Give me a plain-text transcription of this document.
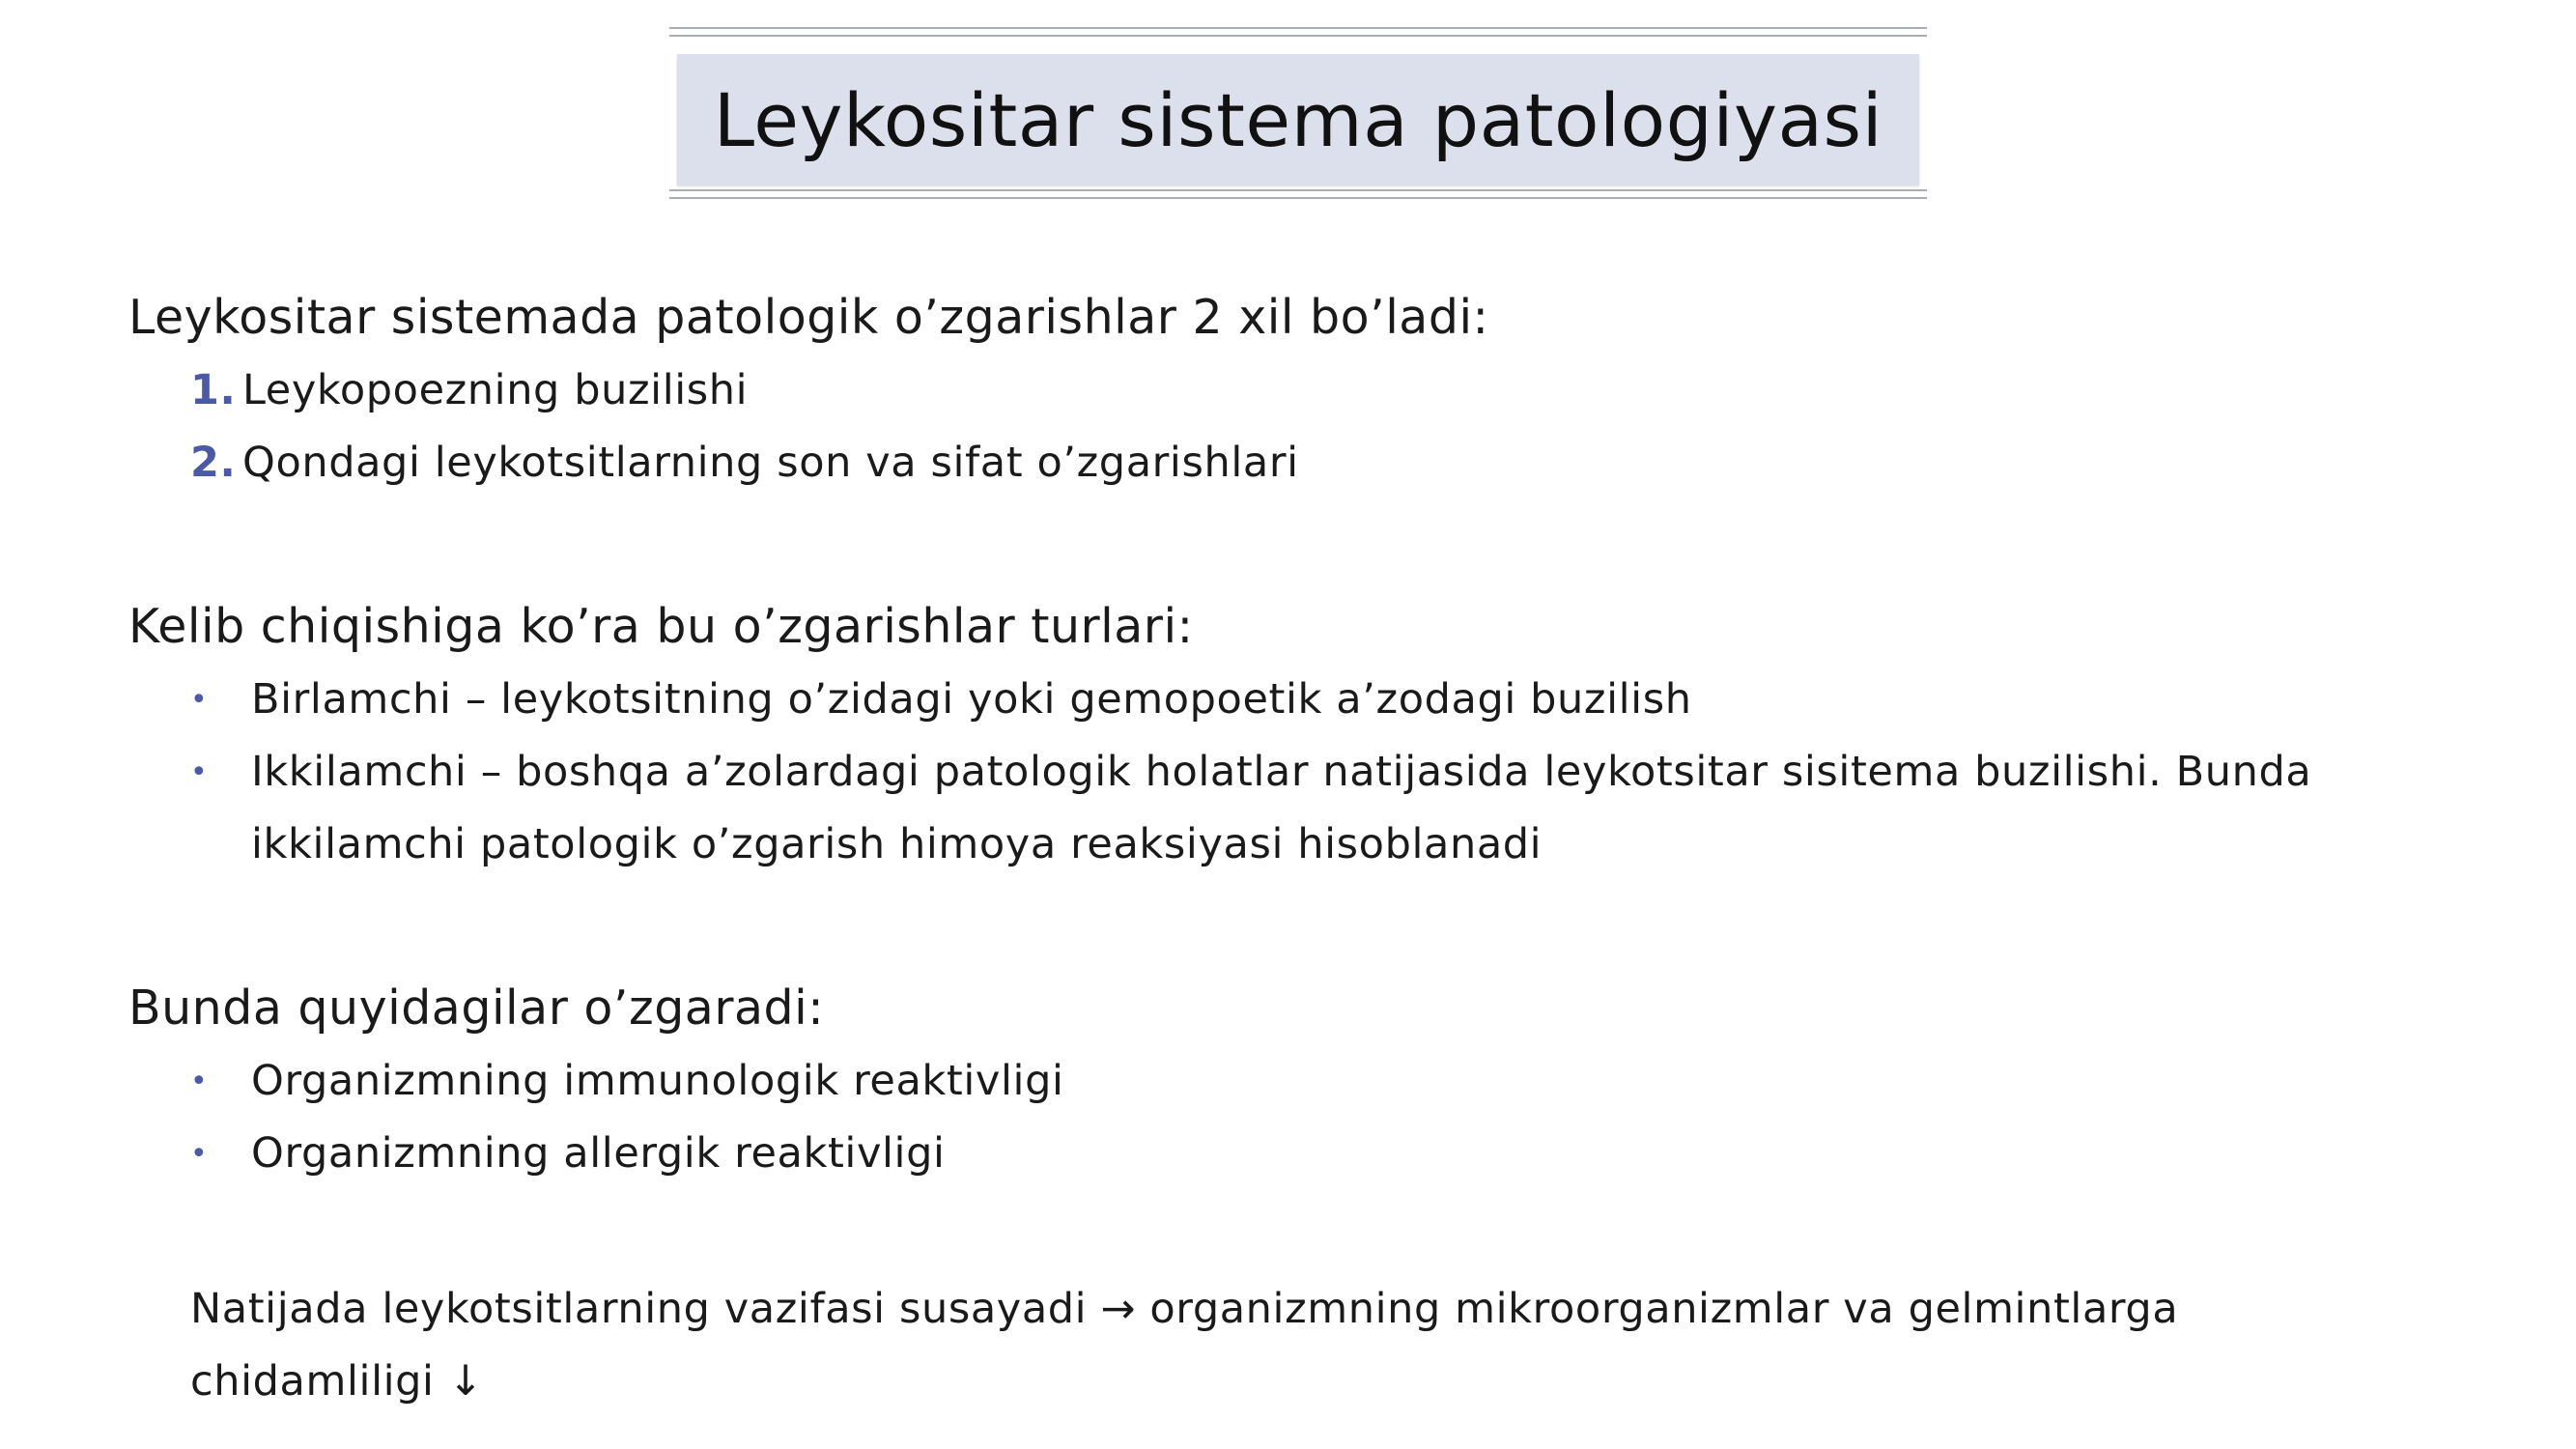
Leykositar sistema patologiyasi
Leykositar sistemada patologik o’zgarishlar 2 xil bo’ladi:
1. Leykopoezning buzilishi
2. Qondagi leykotsitlarning son va sifat o’zgarishlari
Kelib chiqishiga ko’ra bu o’zgarishlar turlari:
•	Birlamchi – leykotsitning o’zidagi yoki gemopoetik a’zodagi buzilish
•	Ikkilamchi – boshqa a’zolardagi patologik holatlar natijasida leykotsitar sisitema buzilishi. Bunda ikkilamchi patologik o’zgarish himoya reaksiyasi hisoblanadi
Bunda quyidagilar o’zgaradi:
•	Organizmning immunologik reaktivligi
•	Organizmning allergik reaktivligi
Natijada leykotsitlarning vazifasi susayadi → organizmning mikroorganizmlar va gelmintlarga chidamliligi ↓
